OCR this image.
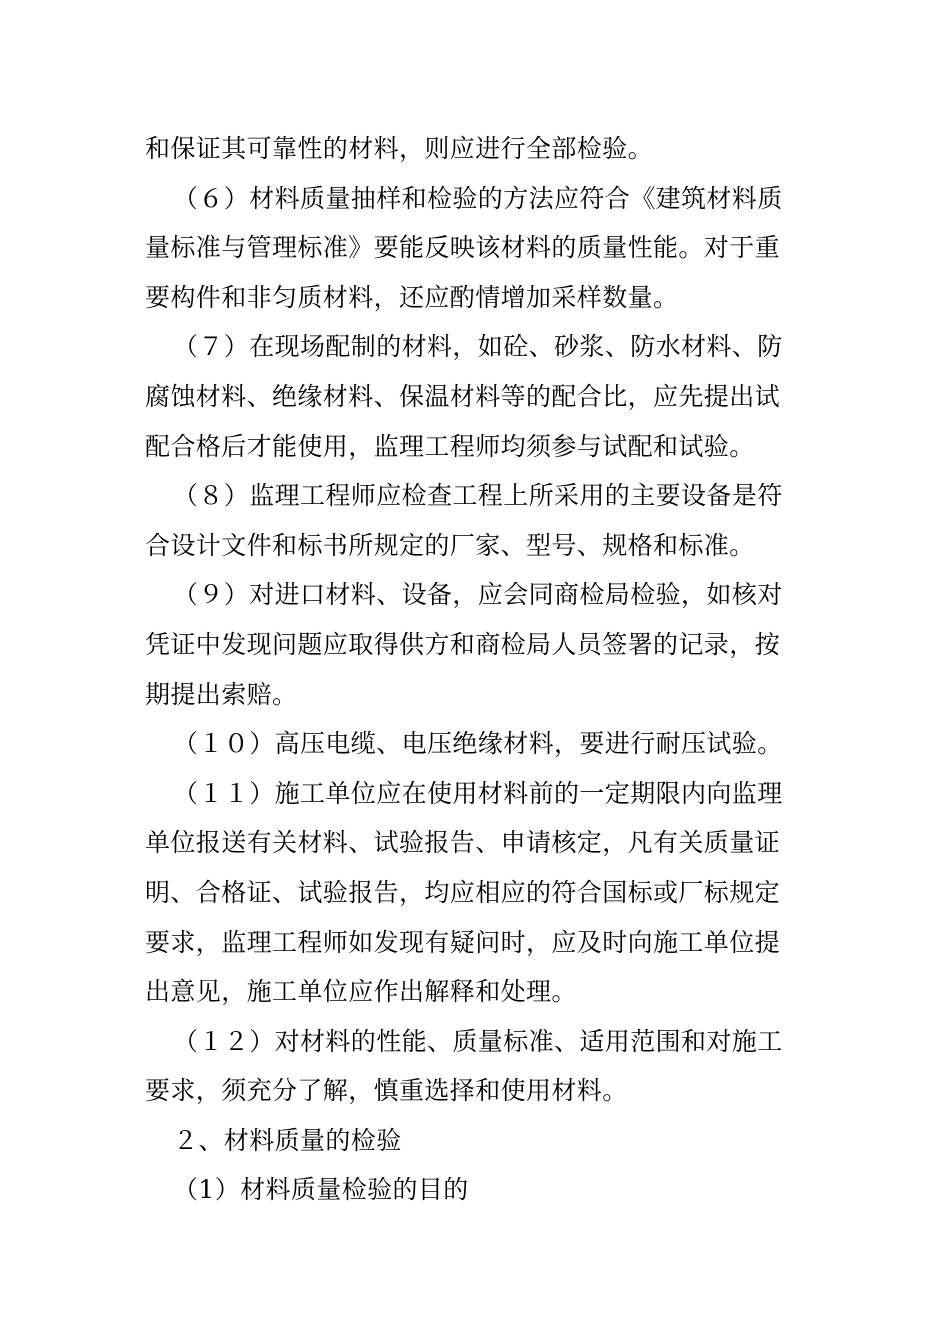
和保证其可靠性的材料，则应进行全部检验。
（６）材料质量抽样和检验的方法应符合《建筑材料质
量标准与管理标准》要能反映该材料的质量性能。对于重
要构件和非匀质材料，还应酌情增加采样数量。
（７）在现场配制的材料，如砼、砂浆、防水材料、防
腐蚀材料、绝缘材料、保温材料等的配合比，应先提出试
配合格后才能使用，监理工程师均须参与试配和试验。
（８）监理工程师应检查工程上所采用的主要设备是符
合设计文件和标书所规定的厂家、型号、规格和标准。
（９）对进口材料、设备，应会同商检局检验，如核对
凭证中发现问题应取得供方和商检局人员签署的记录，按
期提出索赔。
（１０）高压电缆、电压绝缘材料，要进行耐压试验。
（１１）施工单位应在使用材料前的一定期限内向监理
单位报送有关材料、试验报告、申请核定，凡有关质量证
明、合格证、试验报告，均应相应的符合国标或厂标规定
要求，监理工程师如发现有疑问时，应及时向施工单位提
出意见，施工单位应作出解释和处理。
（１２）对材料的性能、质量标准、适用范围和对施工
要求，须充分了解，慎重选择和使用材料。
２、材料质量的检验
（1）材料质量检验的目的
